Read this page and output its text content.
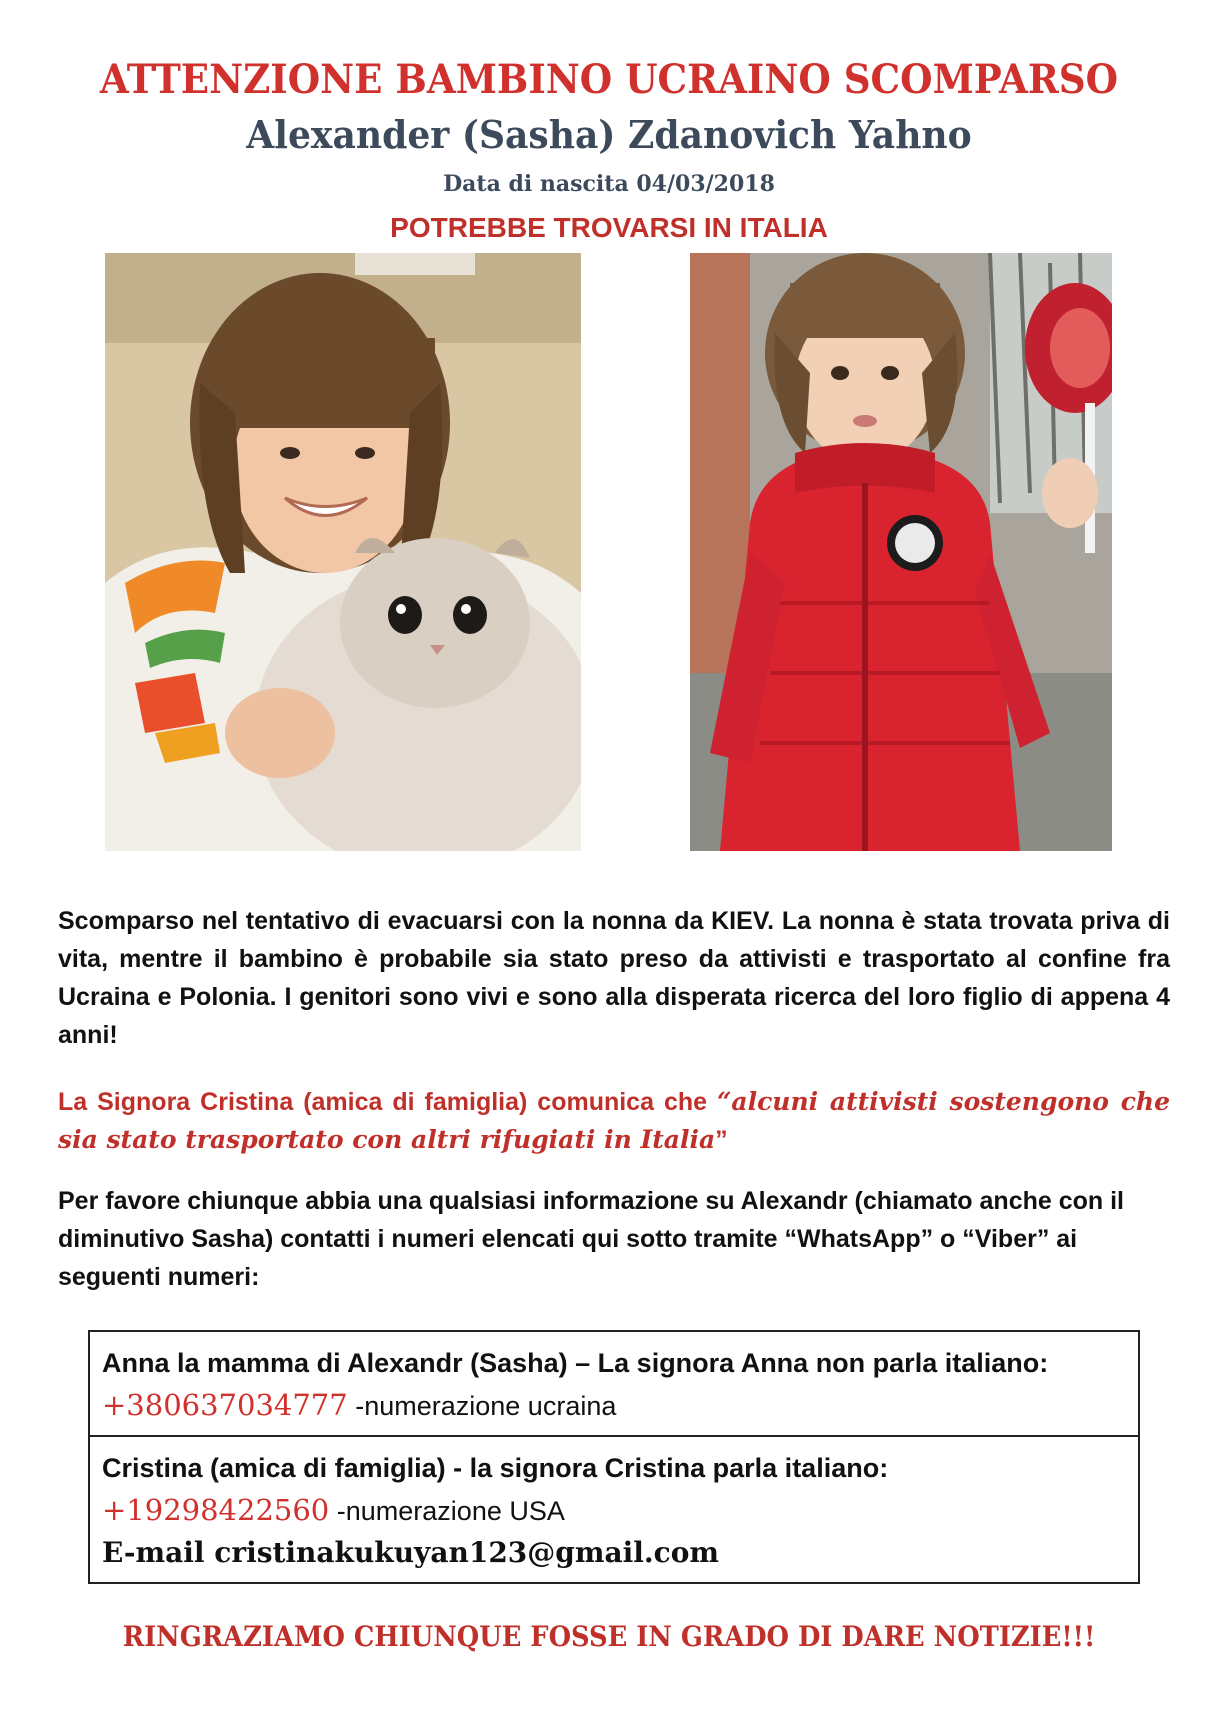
ATTENZIONE BAMBINO UCRAINO SCOMPARSO
Alexander (Sasha) Zdanovich Yahno
Data di nascita 04/03/2018
POTREBBE TROVARSI IN ITALIA
Scomparso nel tentativo di evacuarsi con la nonna da KIEV. La nonna è stata trovata priva di vita, mentre il bambino è probabile sia stato preso da attivisti e trasportato al confine fra Ucraina e Polonia. I genitori sono vivi e sono alla disperata ricerca del loro figlio di appena 4 anni!
La Signora Cristina (amica di famiglia) comunica che “alcuni attivisti sostengono che sia stato trasportato con altri rifugiati in Italia”
Per favore chiunque abbia una qualsiasi informazione su Alexandr (chiamato anche con il diminutivo Sasha) contatti i numeri elencati qui sotto tramite “WhatsApp” o “Viber” ai seguenti numeri:
Anna la mamma di Alexandr (Sasha) – La signora Anna non parla italiano: +380637034777 -numerazione ucraina
Cristina (amica di famiglia) - la signora Cristina parla italiano:
+19298422560 -numerazione USA
E-mail cristinakukuyan123@gmail.com
RINGRAZIAMO CHIUNQUE FOSSE IN GRADO DI DARE NOTIZIE!!!
